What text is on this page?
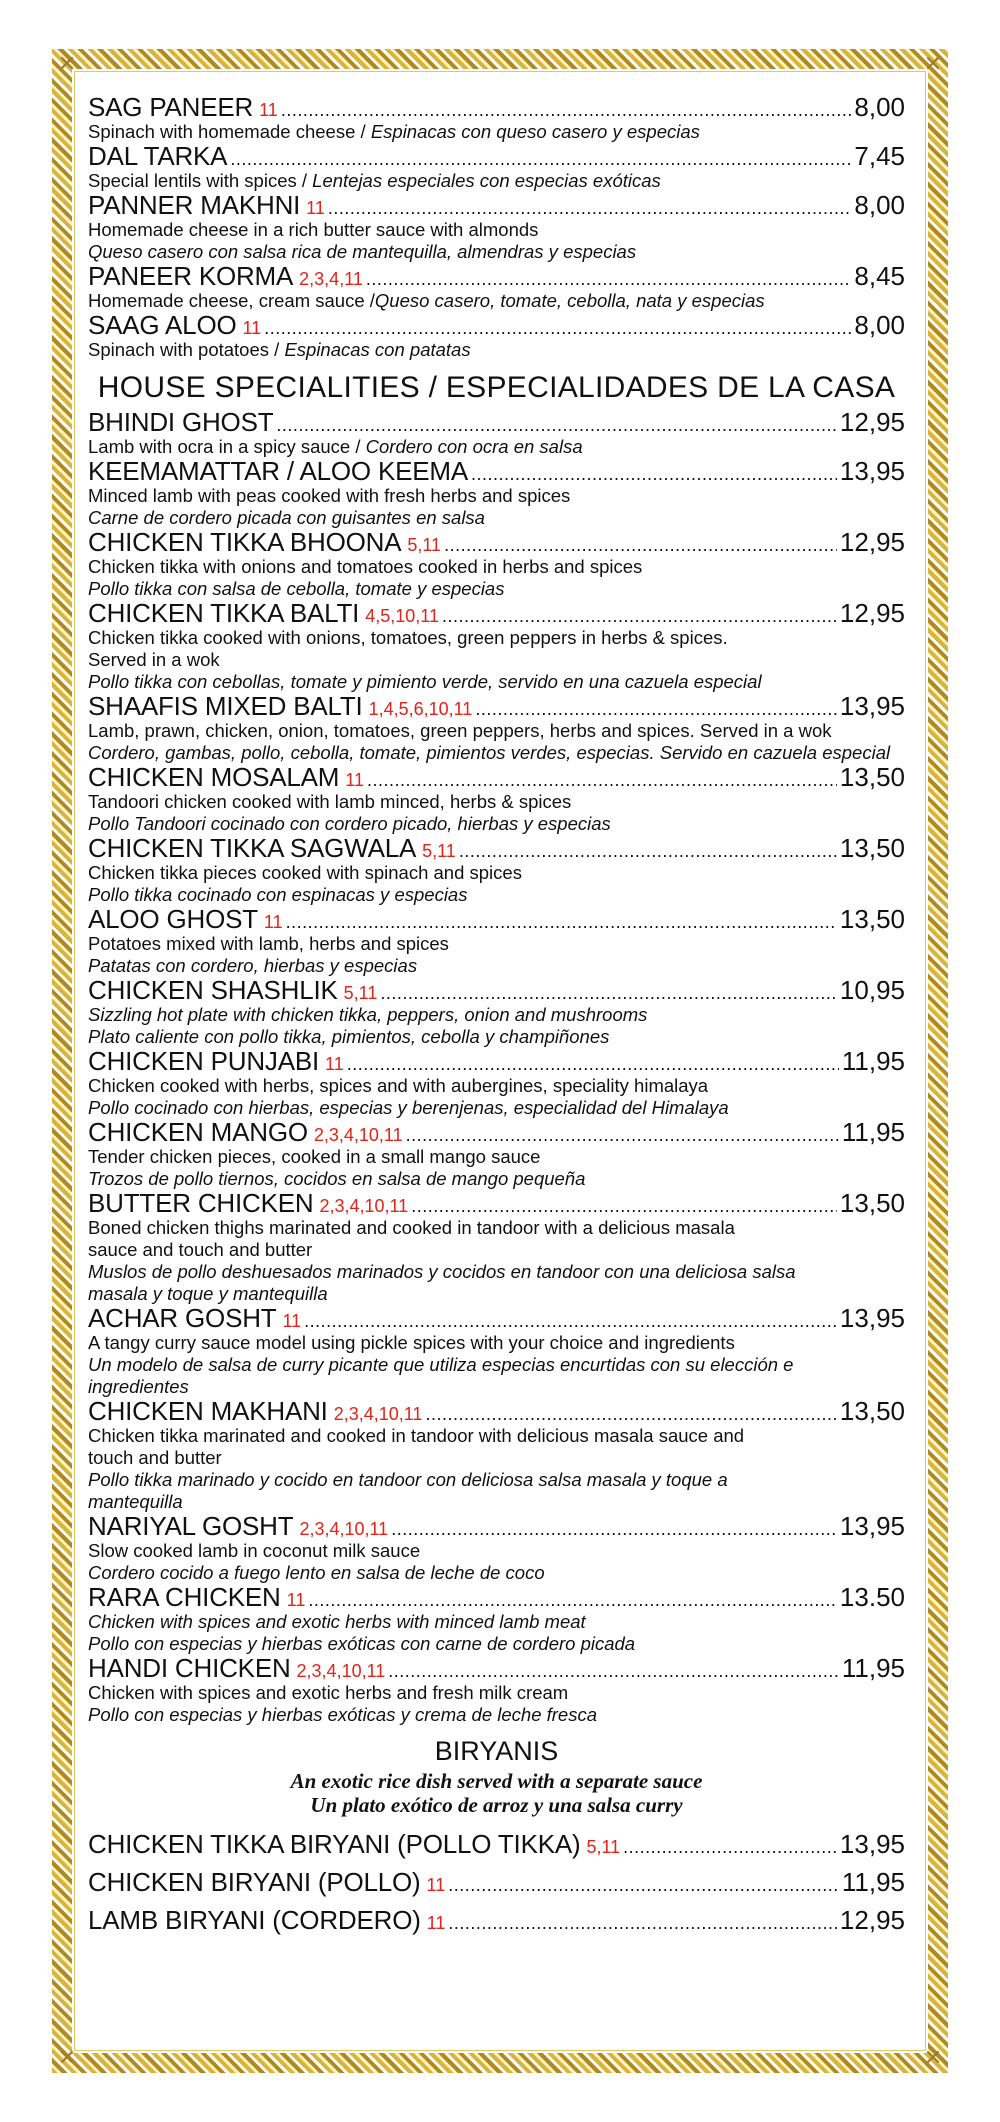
✕	✕
✕	✕
SAG PANEER 11 .....	8,00
Spinach with homemade cheese / Espinacas con queso casero y especias
DAL TARKA .....	7,45
Special lentils with spices / Lentejas especiales con especias exóticas
PANNER MAKHNI 11 .....	8,00
Homemade cheese in a rich butter sauce with almonds
Queso casero con salsa rica de mantequilla, almendras y especias
PANEER KORMA 2,3,4,11 .....	8,45
Homemade cheese, cream sauce /Queso casero, tomate, cebolla, nata y especias
SAAG ALOO 11 .....	8,00
Spinach with potatoes / Espinacas con patatas
HOUSE SPECIALITIES / ESPECIALIDADES DE LA CASA
BHINDI GHOST .....	12,95
Lamb with ocra in a spicy sauce / Cordero con ocra en salsa
KEEMAMATTAR / ALOO KEEMA .....	13,95
Minced lamb with peas cooked with fresh herbs and spices
Carne de cordero picada con guisantes en salsa
CHICKEN TIKKA BHOONA 5,11 .....	12,95
Chicken tikka with onions and tomatoes cooked in herbs and spices
Pollo tikka con salsa de cebolla, tomate y especias
CHICKEN TIKKA BALTI 4,5,10,11 .....	12,95
Chicken tikka cooked with onions, tomatoes, green peppers in herbs & spices.
Served in a wok
Pollo tikka con cebollas, tomate y pimiento verde, servido en una cazuela especial
SHAAFIS MIXED BALTI 1,4,5,6,10,11 .....	13,95
Lamb, prawn, chicken, onion, tomatoes, green peppers, herbs and spices. Served in a wok
Cordero, gambas, pollo, cebolla, tomate, pimientos verdes, especias. Servido en cazuela especial
CHICKEN MOSALAM 11 .....	13,50
Tandoori chicken cooked with lamb minced, herbs & spices
Pollo Tandoori cocinado con cordero picado, hierbas y especias
CHICKEN TIKKA SAGWALA 5,11 .....	13,50
Chicken tikka pieces cooked with spinach and spices
Pollo tikka cocinado con espinacas y especias
ALOO GHOST 11 .....	13,50
Potatoes mixed with lamb, herbs and spices
Patatas con cordero, hierbas y especias
CHICKEN SHASHLIK 5,11 .....	10,95
Sizzling hot plate with chicken tikka, peppers, onion and mushrooms
Plato caliente con pollo tikka, pimientos, cebolla y champiñones
CHICKEN PUNJABI 11 .....	11,95
Chicken cooked with herbs, spices and with aubergines, speciality himalaya
Pollo cocinado con hierbas, especias y berenjenas, especialidad del Himalaya
CHICKEN MANGO 2,3,4,10,11 .....	11,95
Tender chicken pieces, cooked in a small mango sauce
Trozos de pollo tiernos, cocidos en salsa de mango pequeña
BUTTER CHICKEN 2,3,4,10,11 .....	13,50
Boned chicken thighs marinated and cooked in tandoor with a delicious masala
sauce and touch and butter
Muslos de pollo deshuesados marinados y cocidos en tandoor con una deliciosa salsa
masala y toque y mantequilla
ACHAR GOSHT 11 .....	13,95
A tangy curry sauce model using pickle spices with your choice and ingredients
Un modelo de salsa de curry picante que utiliza especias encurtidas con su elección e
ingredientes
CHICKEN MAKHANI 2,3,4,10,11 .....	13,50
Chicken tikka marinated and cooked in tandoor with delicious masala sauce and
touch and butter
Pollo tikka marinado y cocido en tandoor con deliciosa salsa masala y toque a
mantequilla
NARIYAL GOSHT 2,3,4,10,11 .....	13,95
Slow cooked lamb in coconut milk sauce
Cordero cocido a fuego lento en salsa de leche de coco
RARA CHICKEN 11 .....	13.50
Chicken with spices and exotic herbs with minced lamb meat
Pollo con especias y hierbas exóticas con carne de cordero picada
HANDI CHICKEN 2,3,4,10,11 .....	11,95
Chicken with spices and exotic herbs and fresh milk cream
Pollo con especias y hierbas exóticas y crema de leche fresca
BIRYANIS
An exotic rice dish served with a separate sauce
Un plato exótico de arroz y una salsa curry
CHICKEN TIKKA BIRYANI (POLLO TIKKA) 5,11 .....	13,95
CHICKEN BIRYANI (POLLO) 11 .....	11,95
LAMB BIRYANI (CORDERO) 11 .....	12,95
